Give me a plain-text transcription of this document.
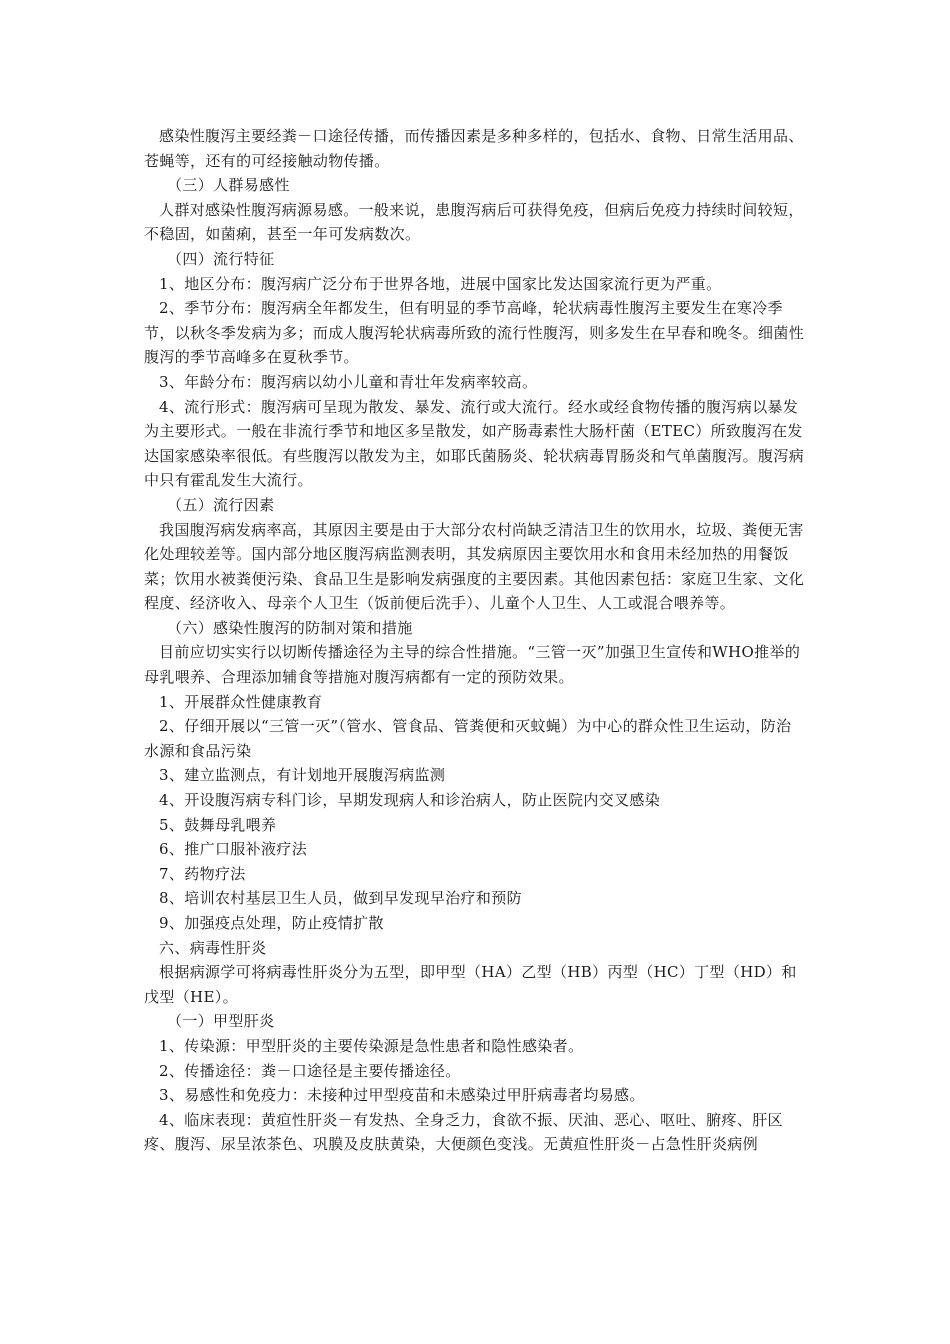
感染性腹泻主要经粪－口途径传播，而传播因素是多种多样的，包括水、食物、日常生活用品、苍蝇等，还有的可经接触动物传播。

（三）人群易感性

人群对感染性腹泻病源易感。一般来说，患腹泻病后可获得免疫，但病后免疫力持续时间较短，不稳固，如菌痢，甚至一年可发病数次。

（四）流行特征

1、地区分布：腹泻病广泛分布于世界各地，进展中国家比发达国家流行更为严重。

2、季节分布：腹泻病全年都发生，但有明显的季节高峰，轮状病毒性腹泻主要发生在寒冷季节，以秋冬季发病为多；而成人腹泻轮状病毒所致的流行性腹泻，则多发生在早春和晚冬。细菌性腹泻的季节高峰多在夏秋季节。

3、年龄分布：腹泻病以幼小儿童和青壮年发病率较高。

4、流行形式：腹泻病可呈现为散发、暴发、流行或大流行。经水或经食物传播的腹泻病以暴发为主要形式。一般在非流行季节和地区多呈散发，如产肠毒素性大肠杆菌（ETEC）所致腹泻在发达国家感染率很低。有些腹泻以散发为主，如耶氏菌肠炎、轮状病毒胃肠炎和气单菌腹泻。腹泻病中只有霍乱发生大流行。

（五）流行因素

我国腹泻病发病率高，其原因主要是由于大部分农村尚缺乏清洁卫生的饮用水，垃圾、粪便无害化处理较差等。国内部分地区腹泻病监测表明，其发病原因主要饮用水和食用未经加热的用餐饭菜；饮用水被粪便污染、食品卫生是影响发病强度的主要因素。其他因素包括：家庭卫生家、文化程度、经济收入、母亲个人卫生（饭前便后洗手）、儿童个人卫生、人工或混合喂养等。

（六）感染性腹泻的防制对策和措施

目前应切实实行以切断传播途径为主导的综合性措施。“三管一灭”加强卫生宣传和WHO推举的母乳喂养、合理添加辅食等措施对腹泻病都有一定的预防效果。

1、开展群众性健康教育

2、仔细开展以“三管一灭”（管水、管食品、管粪便和灭蚊蝇）为中心的群众性卫生运动，防治水源和食品污染

3、建立监测点，有计划地开展腹泻病监测

4、开设腹泻病专科门诊，早期发现病人和诊治病人，防止医院内交叉感染

5、鼓舞母乳喂养

6、推广口服补液疗法

7、药物疗法

8、培训农村基层卫生人员，做到早发现早治疗和预防

9、加强疫点处理，防止疫情扩散

六、病毒性肝炎

根据病源学可将病毒性肝炎分为五型，即甲型（HA）乙型（HB）丙型（HC）丁型（HD）和戊型（HE）。

（一）甲型肝炎

1、传染源：甲型肝炎的主要传染源是急性患者和隐性感染者。

2、传播途径：粪－口途径是主要传播途径。

3、易感性和免疫力：未接种过甲型疫苗和未感染过甲肝病毒者均易感。

4、临床表现：黄疸性肝炎－有发热、全身乏力，食欲不振、厌油、恶心、呕吐、腑疼、肝区疼、腹泻、尿呈浓茶色、巩膜及皮肤黄染，大便颜色变浅。无黄疸性肝炎－占急性肝炎病例
